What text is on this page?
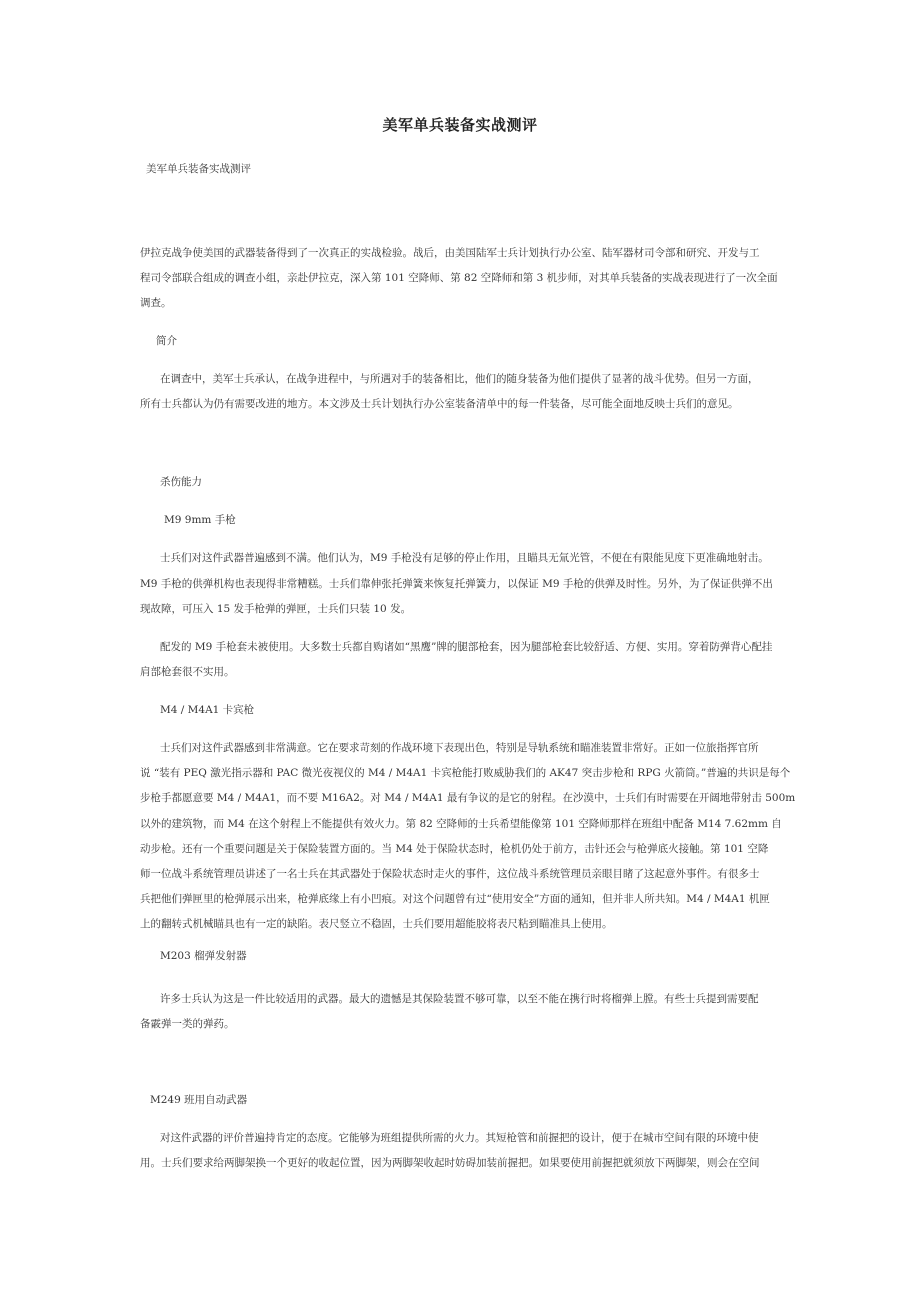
美军单兵装备实战测评
美军单兵装备实战测评
伊拉克战争使美国的武器装备得到了一次真正的实战检验。战后，由美国陆军士兵计划执行办公室、陆军器材司令部和研究、开发与工
程司令部联合组成的调查小组，亲赴伊拉克，深入第 101 空降师、第 82 空降师和第 3 机步师，对其单兵装备的实战表现进行了一次全面
调查。
简介
在调查中，美军士兵承认，在战争进程中，与所遇对手的装备相比，他们的随身装备为他们提供了显著的战斗优势。但另一方面，
所有士兵都认为仍有需要改进的地方。本文涉及士兵计划执行办公室装备清单中的每一件装备，尽可能全面地反映士兵们的意见。
杀伤能力
M9 9mm 手枪
士兵们对这件武器普遍感到不满。他们认为，M9 手枪没有足够的停止作用，且瞄具无氚光管，不便在有限能见度下更准确地射击。
M9 手枪的供弹机构也表现得非常糟糕。士兵们靠伸张托弹簧来恢复托弹簧力，以保证 M9 手枪的供弹及时性。另外，为了保证供弹不出
现故障，可压入 15 发手枪弹的弹匣，士兵们只装 10 发。
配发的 M9 手枪套未被使用。大多数士兵都自购诸如“黑鹰”牌的腿部枪套，因为腿部枪套比较舒适、方便、实用。穿着防弹背心配挂
肩部枪套很不实用。
M4 / M4A1 卡宾枪
士兵们对这件武器感到非常满意。它在要求苛刻的作战环境下表现出色，特别是导轨系统和瞄准装置非常好。正如一位旅指挥官所
说 “装有 PEQ 激光指示器和 PAC 微光夜视仪的 M4 / M4A1 卡宾枪能打败威胁我们的 AK47 突击步枪和 RPG 火箭筒。”普遍的共识是每个
步枪手都愿意要 M4 / M4A1，而不要 M16A2。对 M4 / M4A1 最有争议的是它的射程。在沙漠中，士兵们有时需要在开阔地带射击 500m
以外的建筑物，而 M4 在这个射程上不能提供有效火力。第 82 空降师的士兵希望能像第 101 空降师那样在班组中配备 M14 7.62mm 自
动步枪。还有一个重要问题是关于保险装置方面的。当 M4 处于保险状态时，枪机仍处于前方，击针还会与枪弹底火接触。第 101 空降
师一位战斗系统管理员讲述了一名士兵在其武器处于保险状态时走火的事件，这位战斗系统管理员亲眼目睹了这起意外事件。有很多士
兵把他们弹匣里的枪弹展示出来，枪弹底缘上有小凹痕。对这个问题曾有过“使用安全”方面的通知，但并非人所共知。M4 / M4A1 机匣
上的翻转式机械瞄具也有一定的缺陷。表尺竖立不稳固，士兵们要用超能胶将表尺粘到瞄准具上使用。
M203 榴弹发射器
许多士兵认为这是一件比较适用的武器。最大的遗憾是其保险装置不够可靠，以至不能在携行时将榴弹上膛。有些士兵提到需要配
备霰弹一类的弹药。
M249 班用自动武器
对这件武器的评价普遍持肯定的态度。它能够为班组提供所需的火力。其短枪管和前握把的设计，便于在城市空间有限的环境中使
用。士兵们要求给两脚架换一个更好的收起位置，因为两脚架收起时妨碍加装前握把。如果要使用前握把就须放下两脚架，则会在空间
